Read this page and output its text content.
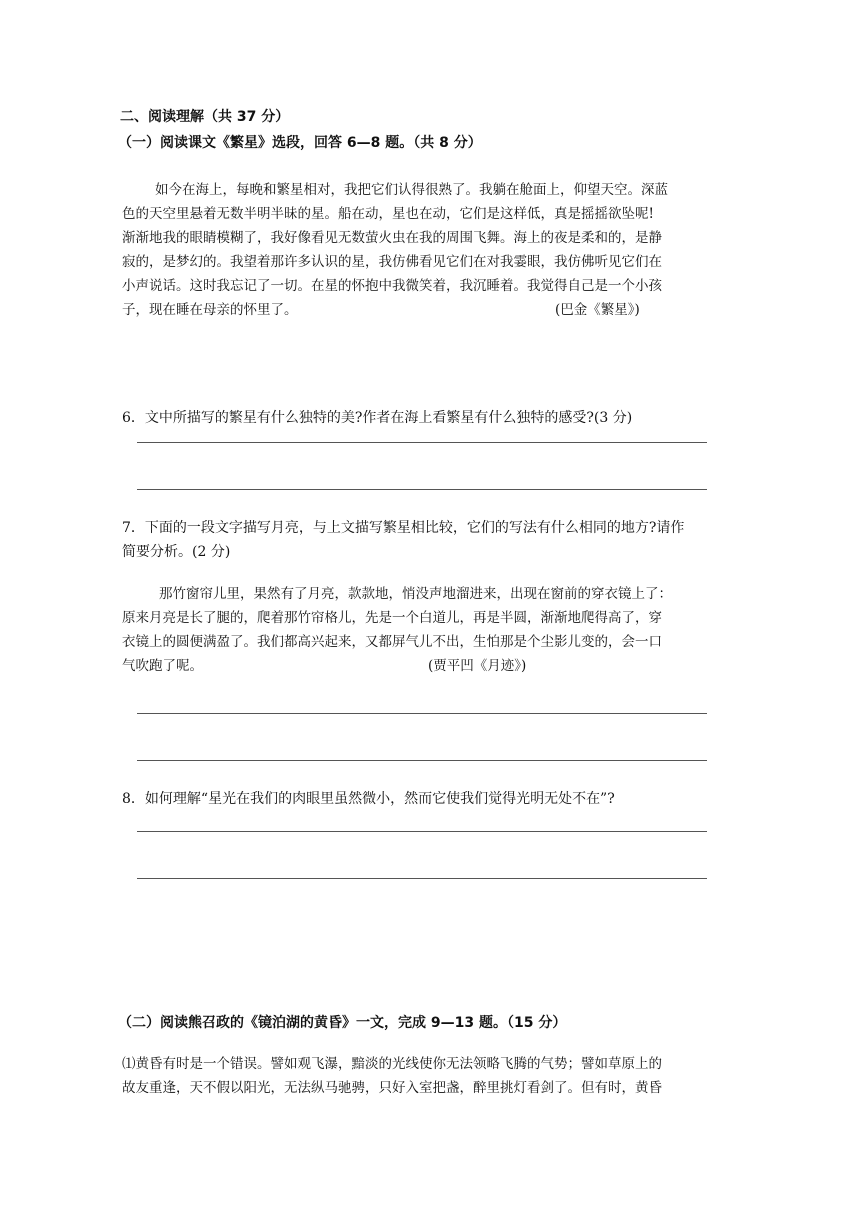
二、阅读理解（共 37 分）
（一）阅读课文《繁星》选段，回答 6—8 题。（共 8 分）
如今在海上，每晚和繁星相对，我把它们认得很熟了。我躺在舱面上，仰望天空。深蓝
色的天空里悬着无数半明半昧的星。船在动，星也在动，它们是这样低，真是摇摇欲坠呢!
渐渐地我的眼睛模糊了，我好像看见无数萤火虫在我的周围飞舞。海上的夜是柔和的，是静
寂的，是梦幻的。我望着那许多认识的星，我仿佛看见它们在对我霎眼，我仿佛听见它们在
小声说话。这时我忘记了一切。在星的怀抱中我微笑着，我沉睡着。我觉得自己是一个小孩
子，现在睡在母亲的怀里了。	(巴金《繁星》)
6．文中所描写的繁星有什么独特的美?作者在海上看繁星有什么独特的感受?(3 分)
7．下面的一段文字描写月亮，与上文描写繁星相比较，它们的写法有什么相同的地方?请作
简要分析。(2 分)
那竹窗帘儿里，果然有了月亮，款款地，悄没声地溜进来，出现在窗前的穿衣镜上了：
原来月亮是长了腿的，爬着那竹帘格儿，先是一个白道儿，再是半圆，渐渐地爬得高了，穿
衣镜上的圆便满盈了。我们都高兴起来，又都屏气儿不出，生怕那是个尘影儿变的，会一口
气吹跑了呢。	(贾平凹《月迹》)
8．如何理解“星光在我们的肉眼里虽然微小，然而它使我们觉得光明无处不在”?
（二）阅读熊召政的《镜泊湖的黄昏》一文，完成 9—13 题。（15 分）
⑴黄昏有时是一个错误。譬如观飞瀑，黯淡的光线使你无法领略飞腾的气势；譬如草原上的
故友重逢，天不假以阳光，无法纵马驰骋，只好入室把盏，醉里挑灯看剑了。但有时，黄昏
